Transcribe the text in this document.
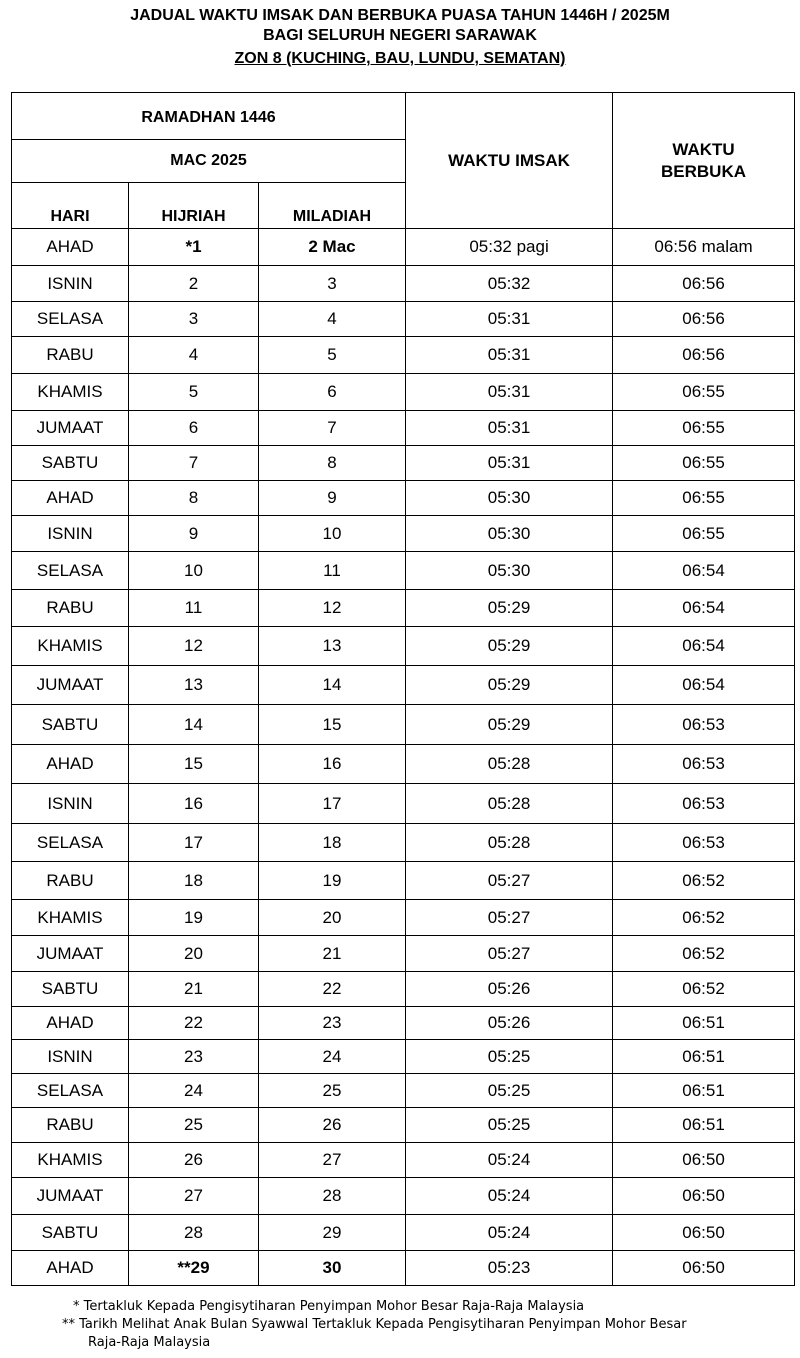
JADUAL WAKTU IMSAK DAN BERBUKA PUASA TAHUN 1446H / 2025M
BAGI SELURUH NEGERI SARAWAK
ZON 8 (KUCHING, BAU, LUNDU, SEMATAN)
RAMADHAN 1446			WAKTU IMSAK	WAKTU BERBUKA

MAC 2025				
HARI	HIJRIAH	MILADIAH		
AHAD	*1	2 Mac	05:32 pagi	06:56 malam
ISNIN	2	3	05:32	06:56
SELASA	3	4	05:31	06:56
RABU	4	5	05:31	06:56
KHAMIS	5	6	05:31	06:55
JUMAAT	6	7	05:31	06:55
SABTU	7	8	05:31	06:55
AHAD	8	9	05:30	06:55
ISNIN	9	10	05:30	06:55
SELASA	10	11	05:30	06:54
RABU	11	12	05:29	06:54
KHAMIS	12	13	05:29	06:54
JUMAAT	13	14	05:29	06:54
SABTU	14	15	05:29	06:53
AHAD	15	16	05:28	06:53
ISNIN	16	17	05:28	06:53
SELASA	17	18	05:28	06:53
RABU	18	19	05:27	06:52
KHAMIS	19	20	05:27	06:52
JUMAAT	20	21	05:27	06:52
SABTU	21	22	05:26	06:52
AHAD	22	23	05:26	06:51
ISNIN	23	24	05:25	06:51
SELASA	24	25	05:25	06:51
RABU	25	26	05:25	06:51
KHAMIS	26	27	05:24	06:50
JUMAAT	27	28	05:24	06:50
SABTU	28	29	05:24	06:50
AHAD	**29	30	05:23	06:50
* Tertakluk Kepada Pengisytiharan Penyimpan Mohor Besar Raja-Raja Malaysia
** Tarikh Melihat Anak Bulan Syawwal Tertakluk Kepada Pengisytiharan Penyimpan Mohor Besar
Raja-Raja Malaysia
